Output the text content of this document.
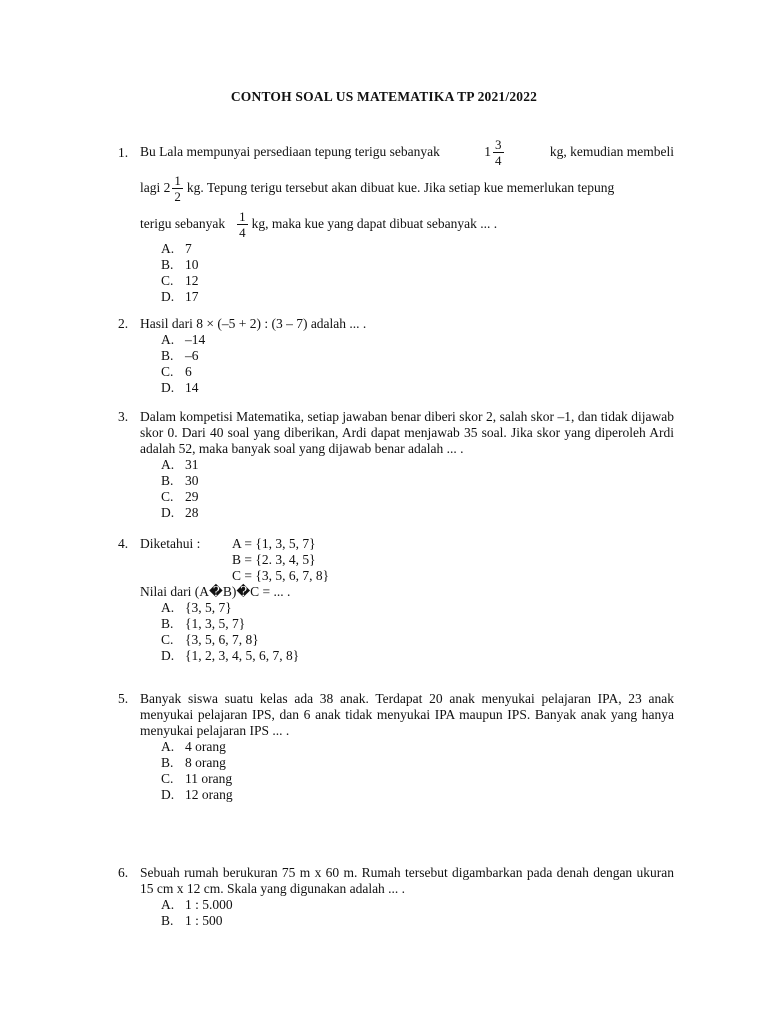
CONTOH SOAL US MATEMATIKA TP 2021/2022
1. Bu Lala mempunyai persediaan tepung terigu sebanyak	$1 \frac{3}{4}$	kg, kemudian membeli
lagi $2 \frac{1}{2}$ kg. Tepung terigu tersebut akan dibuat kue. Jika setiap kue memerlukan tepung
terigu sebanyak $\frac{1}{4}$ kg, maka kue yang dapat dibuat sebanyak ... .
A. 7
B. 10
C. 12
D. 17
2. Hasil dari 8 × (–5 + 2) : (3 – 7) adalah ... .
A. –14
B. –6
C. 6
D. 14
3. Dalam kompetisi Matematika, setiap jawaban benar diberi skor 2, salah skor –1, dan tidak dijawab skor 0. Dari 40 soal yang diberikan, Ardi dapat menjawab 35 soal. Jika skor yang diperoleh Ardi adalah 52, maka banyak soal yang dijawab benar adalah ... .
A. 31
B. 30
C. 29
D. 28
4. Diketahui : A = {1, 3, 5, 7}
B = {2. 3, 4, 5}
C = {3, 5, 6, 7, 8}
Nilai dari (A�B)�C = ... .
A. {3, 5, 7}
B. {1, 3, 5, 7}
C. {3, 5, 6, 7, 8}
D. {1, 2, 3, 4, 5, 6, 7, 8}
5. Banyak siswa suatu kelas ada 38 anak. Terdapat 20 anak menyukai pelajaran IPA, 23 anak menyukai pelajaran IPS, dan 6 anak tidak menyukai IPA maupun IPS. Banyak anak yang hanya menyukai pelajaran IPS ... .
A. 4 orang
B. 8 orang
C. 11 orang
D. 12 orang
6. Sebuah rumah berukuran 75 m x 60 m. Rumah tersebut digambarkan pada denah dengan ukuran 15 cm x 12 cm. Skala yang digunakan adalah ... .
A. 1 : 5.000
B. 1 : 500
